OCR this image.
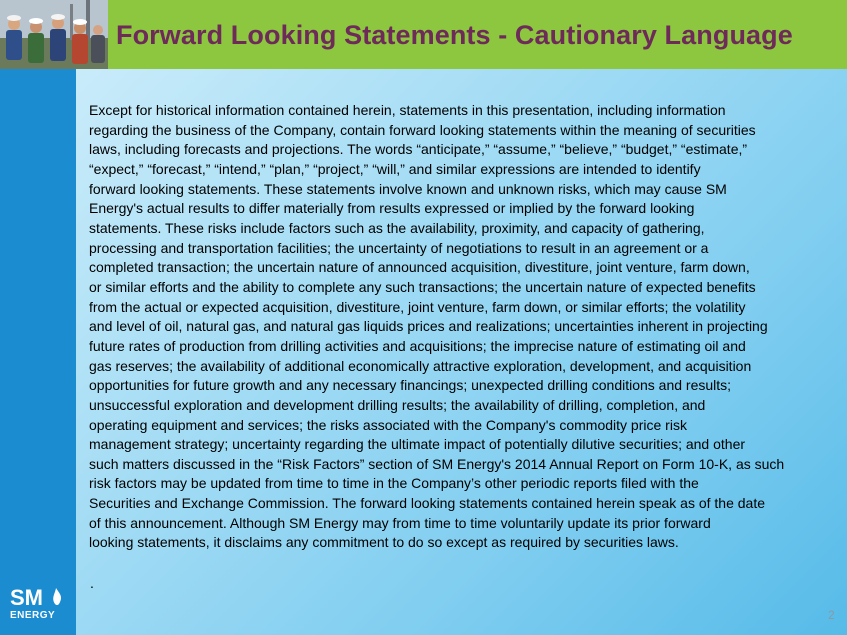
Forward Looking Statements - Cautionary Language
Except for historical information contained herein, statements in this presentation, including information
regarding the business of the Company, contain forward looking statements within the meaning of securities
laws, including forecasts and projections. The words “anticipate,” “assume,” “believe,” “budget,” “estimate,”
“expect,” “forecast,” “intend,” “plan,” “project,” “will,” and similar expressions are intended to identify
forward looking statements. These statements involve known and unknown risks, which may cause SM
Energy's actual results to differ materially from results expressed or implied by the forward looking
statements. These risks include factors such as the availability, proximity, and capacity of gathering,
processing and transportation facilities; the uncertainty of negotiations to result in an agreement or a
completed transaction; the uncertain nature of announced acquisition, divestiture, joint venture, farm down,
or similar efforts and the ability to complete any such transactions; the uncertain nature of expected benefits
from the actual or expected acquisition, divestiture, joint venture, farm down, or similar efforts; the volatility
and level of oil, natural gas, and natural gas liquids prices and realizations; uncertainties inherent in projecting
future rates of production from drilling activities and acquisitions; the imprecise nature of estimating oil and
gas reserves; the availability of additional economically attractive exploration, development, and acquisition
opportunities for future growth and any necessary financings; unexpected drilling conditions and results;
unsuccessful exploration and development drilling results; the availability of drilling, completion, and
operating equipment and services; the risks associated with the Company's commodity price risk
management strategy; uncertainty regarding the ultimate impact of potentially dilutive securities; and other
such matters discussed in the “Risk Factors” section of SM Energy's 2014 Annual Report on Form 10-K, as such
risk factors may be updated from time to time in the Company’s other periodic reports filed with the
Securities and Exchange Commission. The forward looking statements contained herein speak as of the date
of this announcement. Although SM Energy may from time to time voluntarily update its prior forward
looking statements, it disclaims any commitment to do so except as required by securities laws.
.
SM
ENERGY	2
